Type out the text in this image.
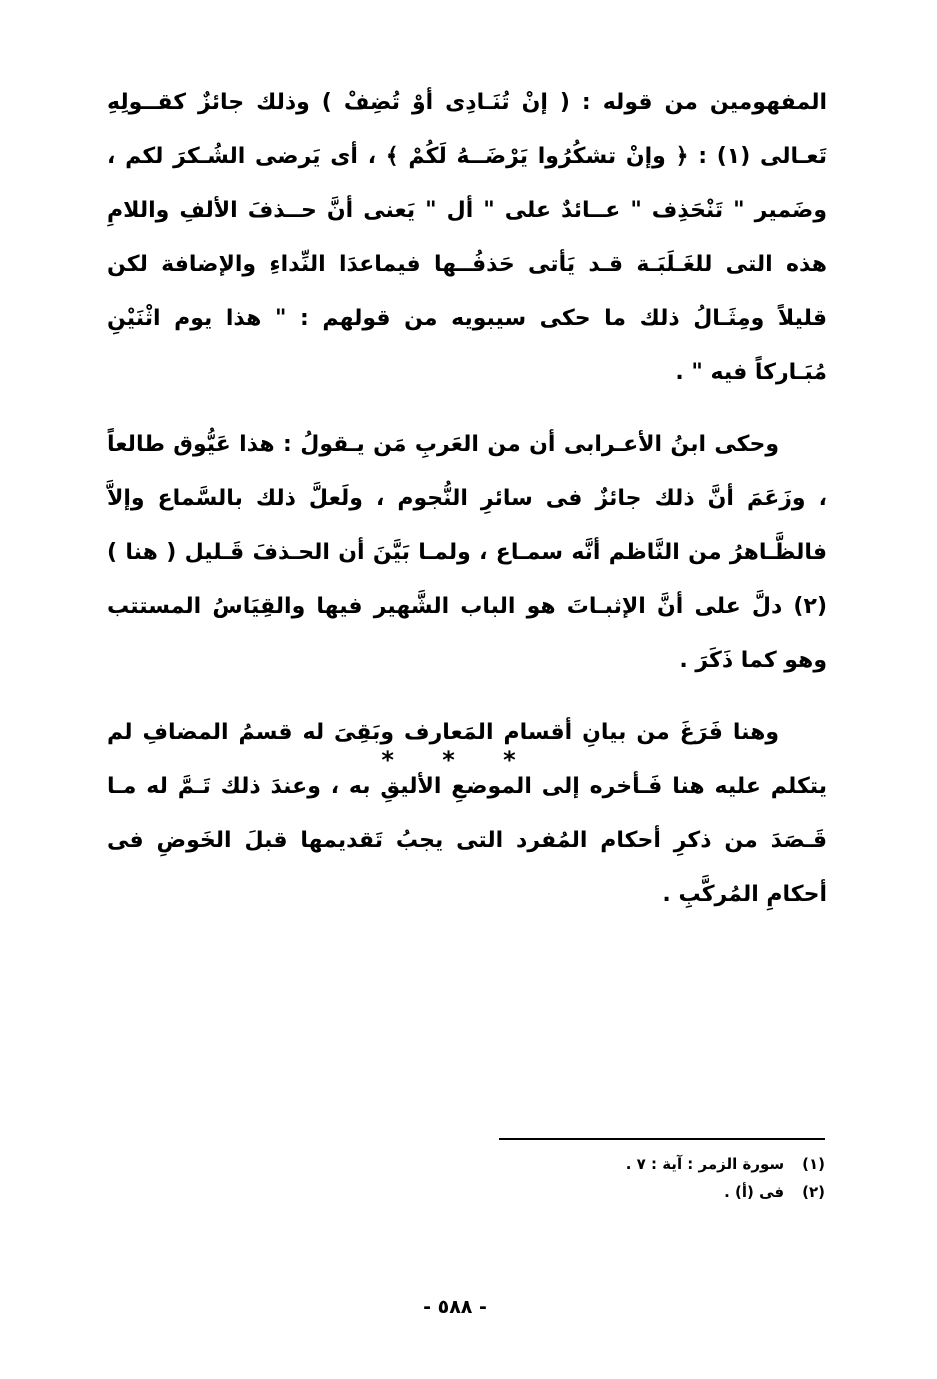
المفهومين من قوله : ( إنْ تُنَـادِى أوْ تُضِفْ ) وذلك جائزٌ كقــولِهِ تَعـالى (١) : ﴿ وإنْ تشكُرُوا يَرْضَــهُ لَكُمْ ﴾ ، أى يَرضى الشُـكرَ لكم ، وضَمير " تَنْحَذِف " عــائدٌ على " أل " يَعنى أنَّ حــذفَ الألفِ واللامِ هذه التى للغَـلَبَـة قـد يَأتى حَذفُــها فيماعدَا النِّداءِ والإضافة لكن قليلاً ومِثَـالُ ذلك ما حكى سيبويه من قولهم : " هذا يوم اثْنَيْنِ مُبَـاركاً فيه " .

وحكى ابنُ الأعـرابى أن من العَربِ مَن يـقولُ : هذا عَيُّوق طالعاً ، وزَعَمَ أنَّ ذلك جائزٌ فى سائرِ النُّجوم ، ولَعلَّ ذلك بالسَّماع وإلاَّ فالظَّـاهرُ من النَّاظم أنَّه سمـاع ، ولمـا بَيَّنَ أن الحـذفَ قَـليل ( هنا ) (٢) دلَّ على أنَّ الإثبـاتَ هو الباب الشَّهير فيها والقِيَاسُ المستتب وهو كما ذَكَرَ .

وهنا فَرَغَ من بيانِ أقسام المَعارف وبَقِىَ له قسمُ المضافِ لم يتكلم عليه هنا فَـأخره إلى الموضعِ الأليقِ به ، وعندَ ذلك تَـمَّ له مـا قَـصَدَ من ذكرِ أحكام المُفرد التى يجبُ تَقديمها قبلَ الخَوضِ فى أحكامِ المُركَّبِ .

* * *
(١)
سورة الزمر : آية : ٧ .
(٢)
فى (أ) .
- ٥٨٨ -
